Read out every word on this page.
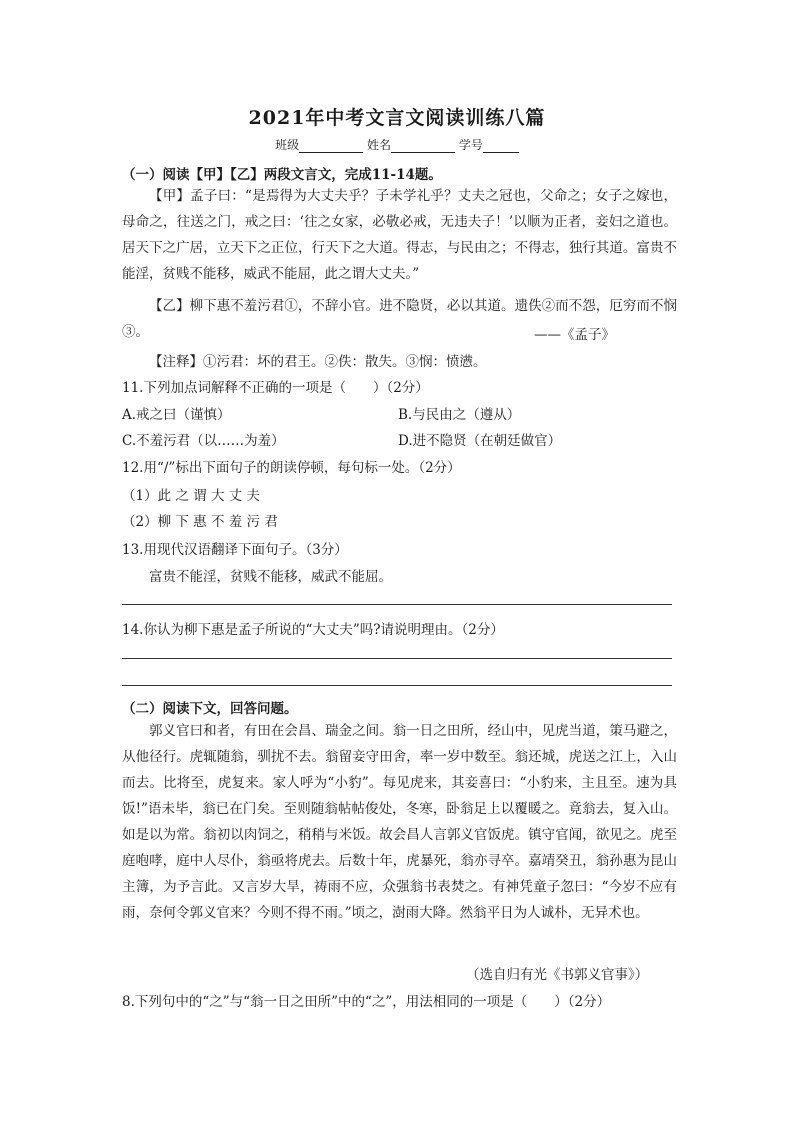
2021年中考文言文阅读训练八篇
班级	姓名	学号
（一）阅读【甲】【乙】两段文言文，完成11-14题。
【甲】孟子曰：“是焉得为大丈夫乎？子未学礼乎？丈夫之冠也，父命之；女子之嫁也，母命之，往送之门，戒之曰：‘往之女家，必敬必戒，无违夫子！’以顺为正者，妾妇之道也。居天下之广居，立天下之正位，行天下之大道。得志，与民由之；不得志，独行其道。富贵不能淫，贫贱不能移，威武不能屈，此之谓大丈夫。”
【乙】柳下惠不羞污君①，不辞小官。进不隐贤，必以其道。遗佚②而不怨，厄穷而不悯③。	——《孟子》
【注释】①污君：坏的君王。②佚：散失。③悯：愤懑。
11.下列加点词解释不正确的一项是（　　）（2分）
A.戒之曰（谨慎）	B.与民由之（遵从）
C.不羞污君（以……为羞）	D.进不隐贤（在朝廷做官）
12.用“/”标出下面句子的朗读停顿，每句标一处。（2分）
（1）此 之 谓 大 丈 夫
（2）柳 下 惠 不 羞 污 君
13.用现代汉语翻译下面句子。（3分）
富贵不能淫，贫贱不能移，威武不能屈。
14.你认为柳下惠是孟子所说的“大丈夫”吗?请说明理由。（2分）
（二）阅读下文，回答问题。
郭义官曰和者，有田在会昌、瑞金之间。翁一日之田所，经山中，见虎当道，策马避之，从他径行。虎辄随翁，驯扰不去。翁留妾守田舍，率一岁中数至。翁还城，虎送之江上，入山而去。比将至，虎复来。家人呼为“小豹”。每见虎来，其妾喜曰：“小豹来，主且至。速为具饭!”语未毕，翁已在门矣。至则随翁帖帖俊处，冬寒，卧翁足上以覆暖之。竟翁去，复入山。如是以为常。翁初以肉饲之，稍稍与米饭。故会昌人言郭义官饭虎。镇守官闻，欲见之。虎至庭咆哮，庭中人尽仆，翁亟将虎去。后数十年，虎暴死，翁亦寻卒。嘉靖癸丑，翁孙惠为昆山主簿，为予言此。又言岁大旱，祷雨不应，众强翁书表焚之。有神凭童子忽曰：“今岁不应有雨，奈何令郭义官来？今则不得不雨。”顷之，澍雨大降。然翁平日为人诚朴，无异术也。
（选自归有光《书郭义官事》）
8.下列句中的“之”与“翁一日之田所”中的“之”，用法相同的一项是（　　）（2分）
